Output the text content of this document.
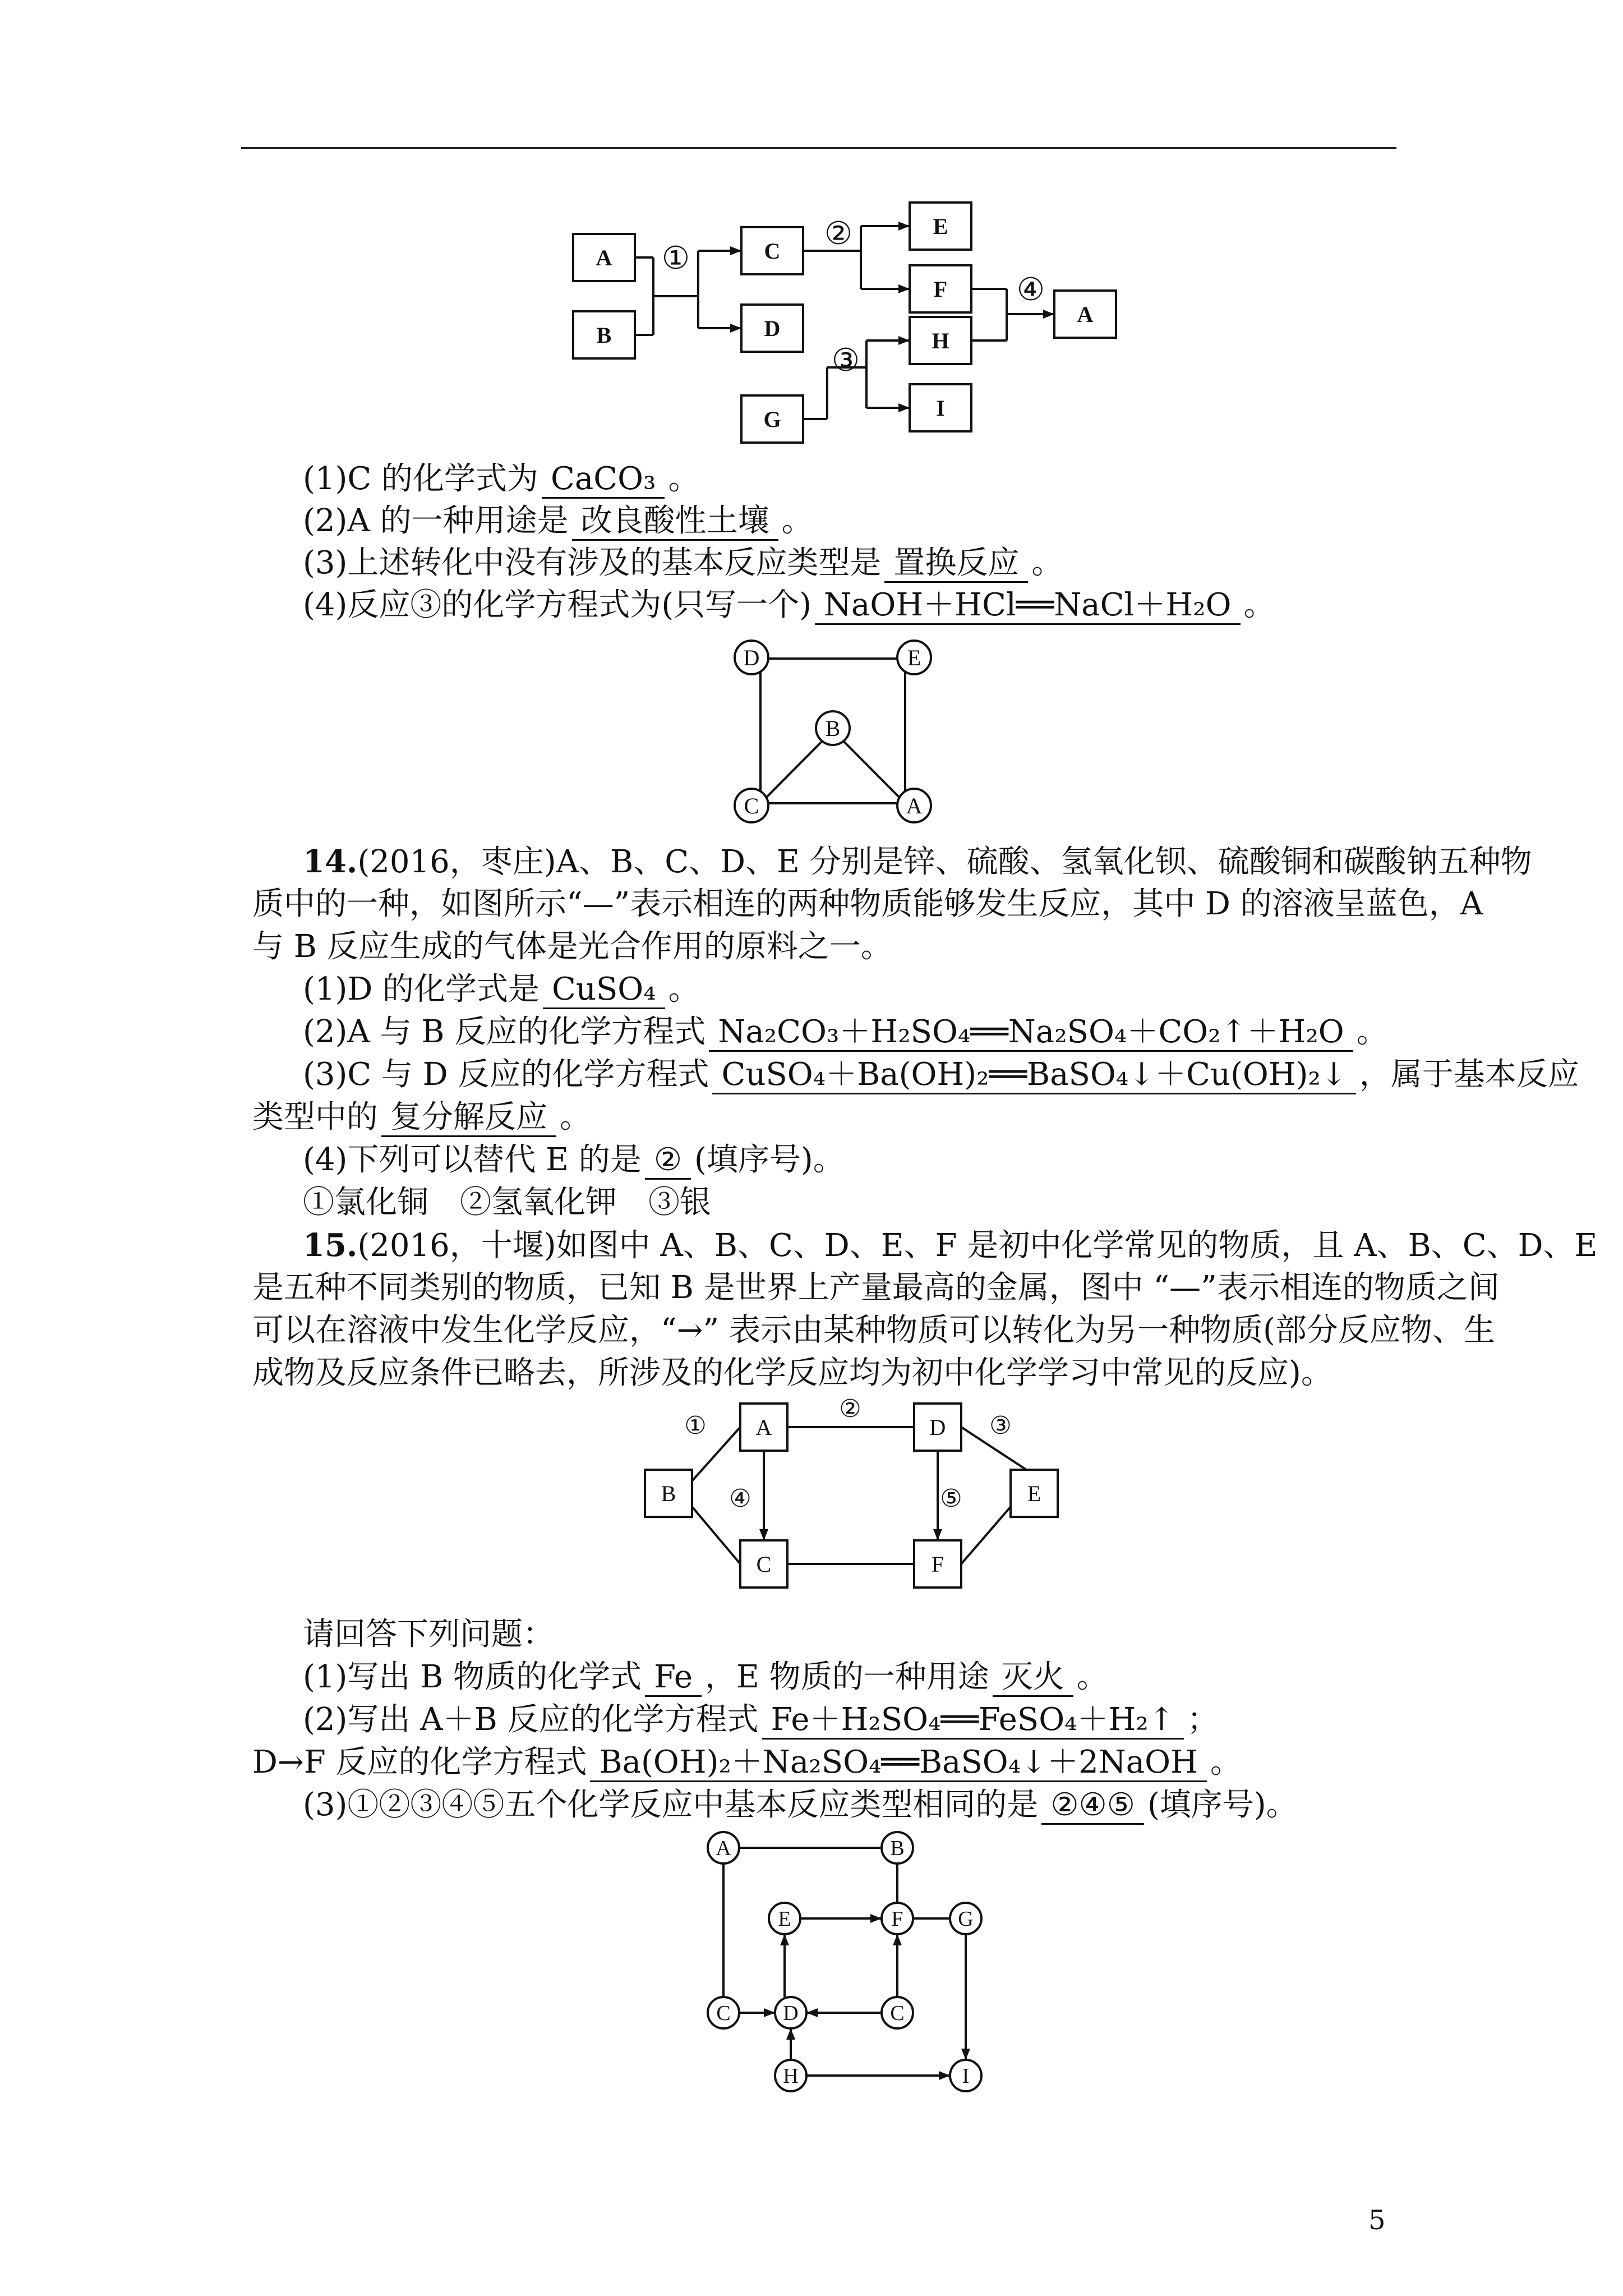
A
B
C
D
G
E
F
H
I
A
①
②
③
④
(1)C 的化学式为 CaCO₃ 。
(2)A 的一种用途是 改良酸性土壤 。
(3)上述转化中没有涉及的基本反应类型是 置换反应 。
(4)反应③的化学方程式为(只写一个) NaOH＋HCl══NaCl＋H₂O 。
D	E
B
C	A
14.(2016，枣庄)A、B、C、D、E 分别是锌、硫酸、氢氧化钡、硫酸铜和碳酸钠五种物
质中的一种，如图所示“—”表示相连的两种物质能够发生反应，其中 D 的溶液呈蓝色，A
与 B 反应生成的气体是光合作用的原料之一。
(1)D 的化学式是 CuSO₄ 。
(2)A 与 B 反应的化学方程式 Na₂CO₃＋H₂SO₄══Na₂SO₄＋CO₂↑＋H₂O 。
(3)C 与 D 反应的化学方程式 CuSO₄＋Ba(OH)₂══BaSO₄↓＋Cu(OH)₂↓ ，属于基本反应
类型中的 复分解反应 。
(4)下列可以替代 E 的是 ② (填序号)。
①氯化铜　②氢氧化钾　③银
15.(2016，十堰)如图中 A、B、C、D、E、F 是初中化学常见的物质，且 A、B、C、D、E
是五种不同类别的物质，已知 B 是世界上产量最高的金属，图中 “—”表示相连的物质之间
可以在溶液中发生化学反应，“→” 表示由某种物质可以转化为另一种物质(部分反应物、生
成物及反应条件已略去，所涉及的化学反应均为初中化学学习中常见的反应)。
A	D
B	E
C	F
①
②
③
④	⑤
请回答下列问题：
(1)写出 B 物质的化学式 Fe ，E 物质的一种用途 灭火 。
(2)写出 A＋B 反应的化学方程式 Fe＋H₂SO₄══FeSO₄＋H₂↑ ；
D→F 反应的化学方程式 Ba(OH)₂＋Na₂SO₄══BaSO₄↓＋2NaOH 。
(3)①②③④⑤五个化学反应中基本反应类型相同的是 ②④⑤ (填序号)。
A	B
E	F	G
C D	C
H	I
5
